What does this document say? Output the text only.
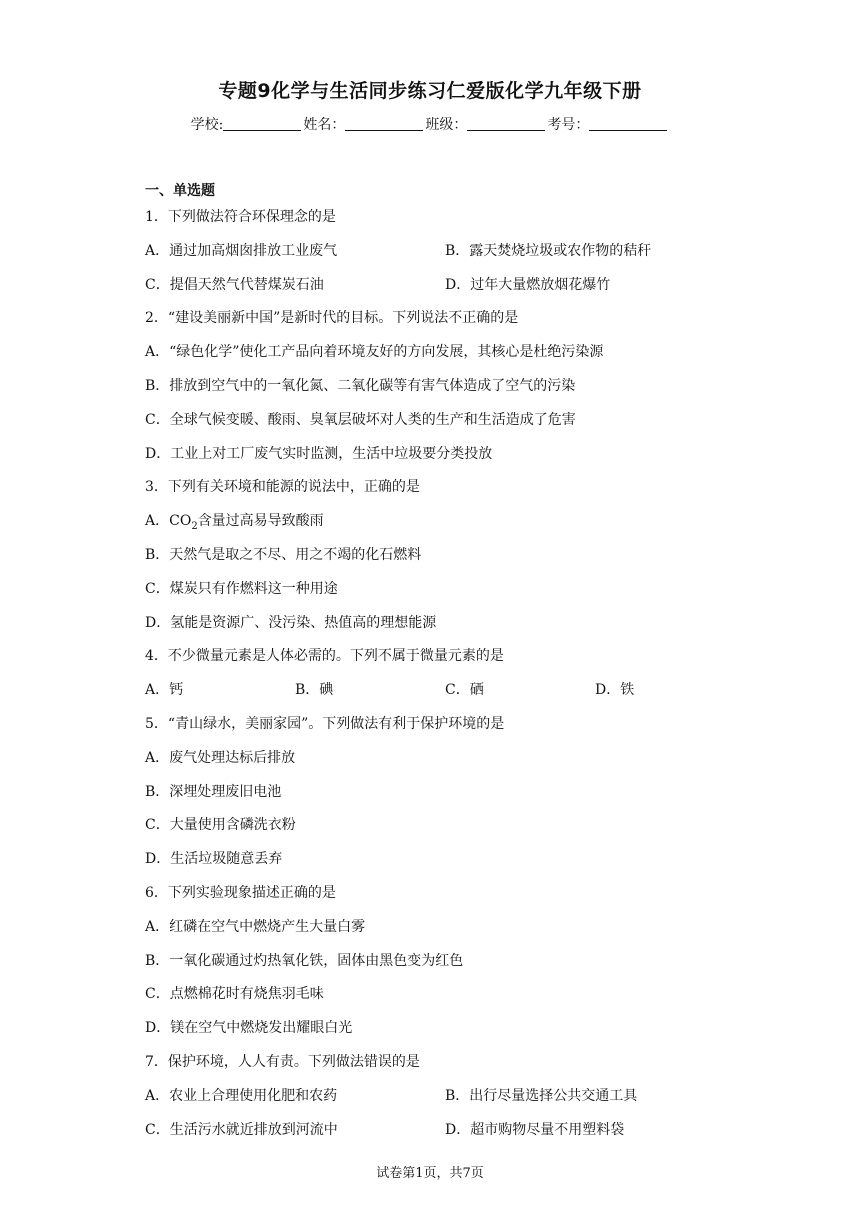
专题9化学与生活同步练习仁爱版化学九年级下册
学校:	姓名：	班级：	考号：
一、单选题
1．下列做法符合环保理念的是
A．通过加高烟囱排放工业废气	B．露天焚烧垃圾或农作物的秸秆
C．提倡天然气代替煤炭石油	D．过年大量燃放烟花爆竹
2．“建设美丽新中国”是新时代的目标。下列说法不正确的是
A．“绿色化学”使化工产品向着环境友好的方向发展，其核心是杜绝污染源
B．排放到空气中的一氧化氮、二氧化碳等有害气体造成了空气的污染
C．全球气候变暖、酸雨、臭氧层破坏对人类的生产和生活造成了危害
D．工业上对工厂废气实时监测，生活中垃圾要分类投放
3．下列有关环境和能源的说法中，正确的是
A．$CO_2$含量过高易导致酸雨
B．天然气是取之不尽、用之不竭的化石燃料
C．煤炭只有作燃料这一种用途
D．氢能是资源广、没污染、热值高的理想能源
4．不少微量元素是人体必需的。下列不属于微量元素的是
A．钙	B．碘	C．硒	D．铁
5．“青山绿水，美丽家园”。下列做法有利于保护环境的是
A．废气处理达标后排放
B．深埋处理废旧电池
C．大量使用含磷洗衣粉
D．生活垃圾随意丢弃
6．下列实验现象描述正确的是
A．红磷在空气中燃烧产生大量白雾
B．一氧化碳通过灼热氧化铁，固体由黑色变为红色
C．点燃棉花时有烧焦羽毛味
D．镁在空气中燃烧发出耀眼白光
7．保护环境，人人有责。下列做法错误的是
A．农业上合理使用化肥和农药	B．出行尽量选择公共交通工具
C．生活污水就近排放到河流中	D．超市购物尽量不用塑料袋
试卷第1页，共7页
